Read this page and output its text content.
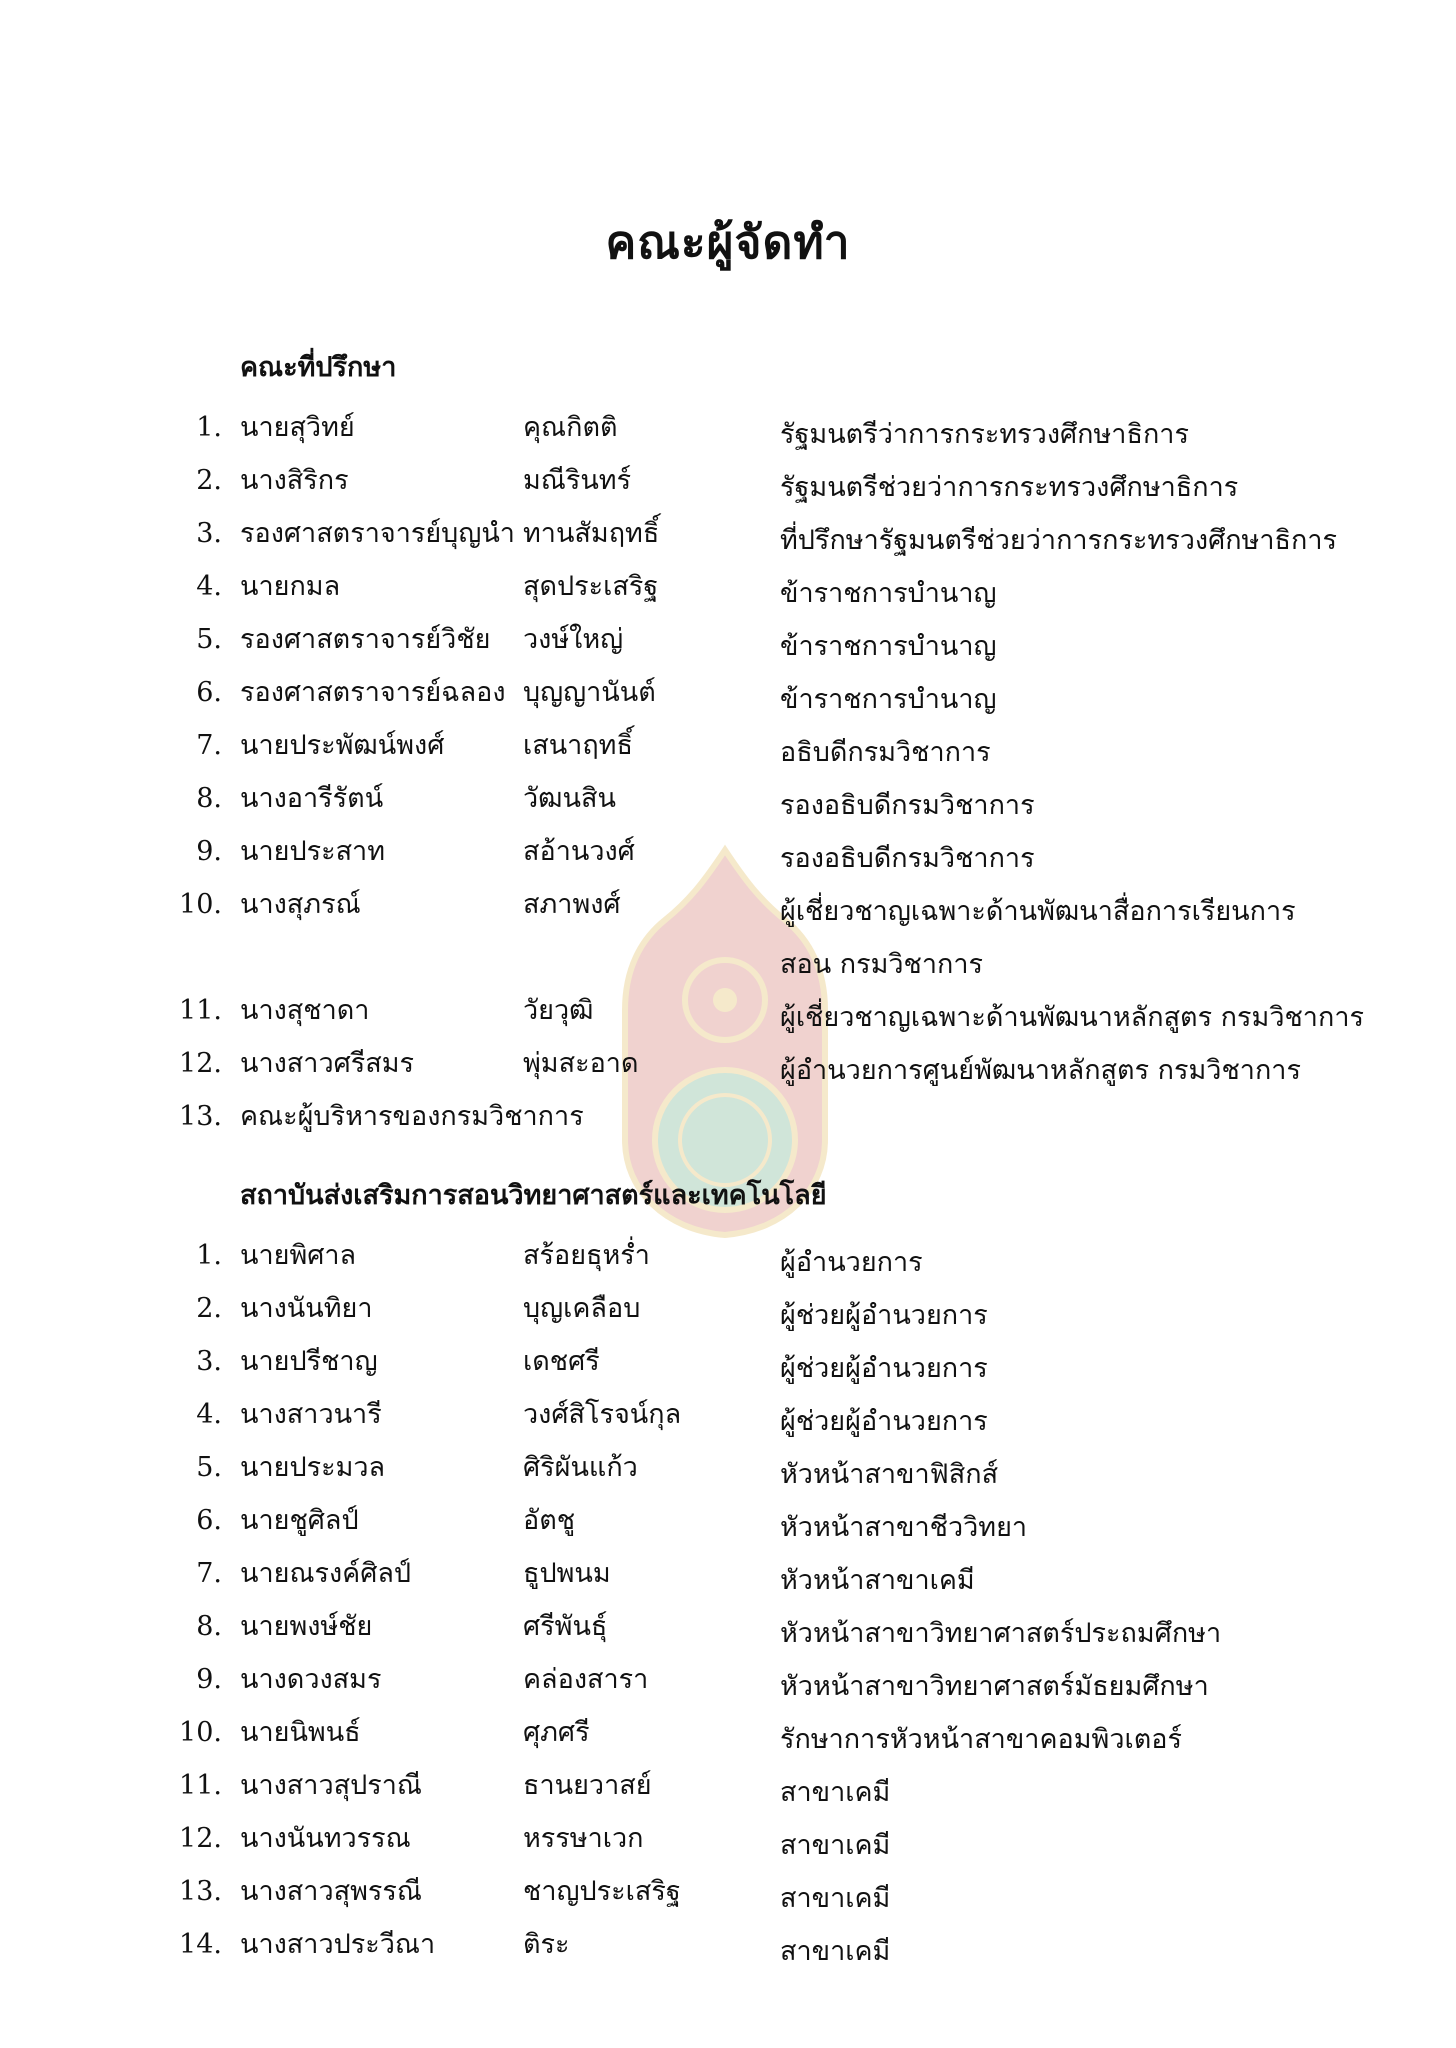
คณะผู้จัดทำ
คณะที่ปรึกษา
1. นายสุวิทย์	คุณกิตติ	รัฐมนตรีว่าการกระทรวงศึกษาธิการ
2. นางสิริกร	มณีรินทร์	รัฐมนตรีช่วยว่าการกระทรวงศึกษาธิการ
3. รองศาสตราจารย์บุญนำ ทานสัมฤทธิ์	ที่ปรึกษารัฐมนตรีช่วยว่าการกระทรวงศึกษาธิการ
4. นายกมล	สุดประเสริฐ	ข้าราชการบำนาญ
5. รองศาสตราจารย์วิชัย วงษ์ใหญ่	ข้าราชการบำนาญ
6. รองศาสตราจารย์ฉลอง บุญญานันต์	ข้าราชการบำนาญ
7. นายประพัฒน์พงศ์	เสนาฤทธิ์	อธิบดีกรมวิชาการ
8. นางอารีรัตน์	วัฒนสิน	รองอธิบดีกรมวิชาการ
9. นายประสาท	สอ้านวงศ์	รองอธิบดีกรมวิชาการ
10. นางสุภรณ์	สภาพงศ์	ผู้เชี่ยวชาญเฉพาะด้านพัฒนาสื่อการเรียนการสอน กรมวิชาการ
11. นางสุชาดา	วัยวุฒิ	ผู้เชี่ยวชาญเฉพาะด้านพัฒนาหลักสูตร กรมวิชาการ
12. นางสาวศรีสมร	พุ่มสะอาด	ผู้อำนวยการศูนย์พัฒนาหลักสูตร กรมวิชาการ
13. คณะผู้บริหารของกรมวิชาการ
สถาบันส่งเสริมการสอนวิทยาศาสตร์และเทคโนโลยี
1. นายพิศาล	สร้อยธุหร่ำ	ผู้อำนวยการ
2. นางนันทิยา	บุญเคลือบ	ผู้ช่วยผู้อำนวยการ
3. นายปรีชาญ	เดชศรี	ผู้ช่วยผู้อำนวยการ
4. นางสาวนารี	วงศ์สิโรจน์กุล	ผู้ช่วยผู้อำนวยการ
5. นายประมวล	ศิริผันแก้ว	หัวหน้าสาขาฟิสิกส์
6. นายชูศิลป์	อัตชู	หัวหน้าสาขาชีววิทยา
7. นายณรงค์ศิลป์	ธูปพนม	หัวหน้าสาขาเคมี
8. นายพงษ์ชัย	ศรีพันธุ์	หัวหน้าสาขาวิทยาศาสตร์ประถมศึกษา
9. นางดวงสมร	คล่องสารา	หัวหน้าสาขาวิทยาศาสตร์มัธยมศึกษา
10. นายนิพนธ์	ศุภศรี	รักษาการหัวหน้าสาขาคอมพิวเตอร์
11. นางสาวสุปราณี	ธานยวาสย์	สาขาเคมี
12. นางนันทวรรณ	หรรษาเวก	สาขาเคมี
13. นางสาวสุพรรณี	ชาญประเสริฐ	สาขาเคมี
14. นางสาวประวีณา	ติระ	สาขาเคมี
